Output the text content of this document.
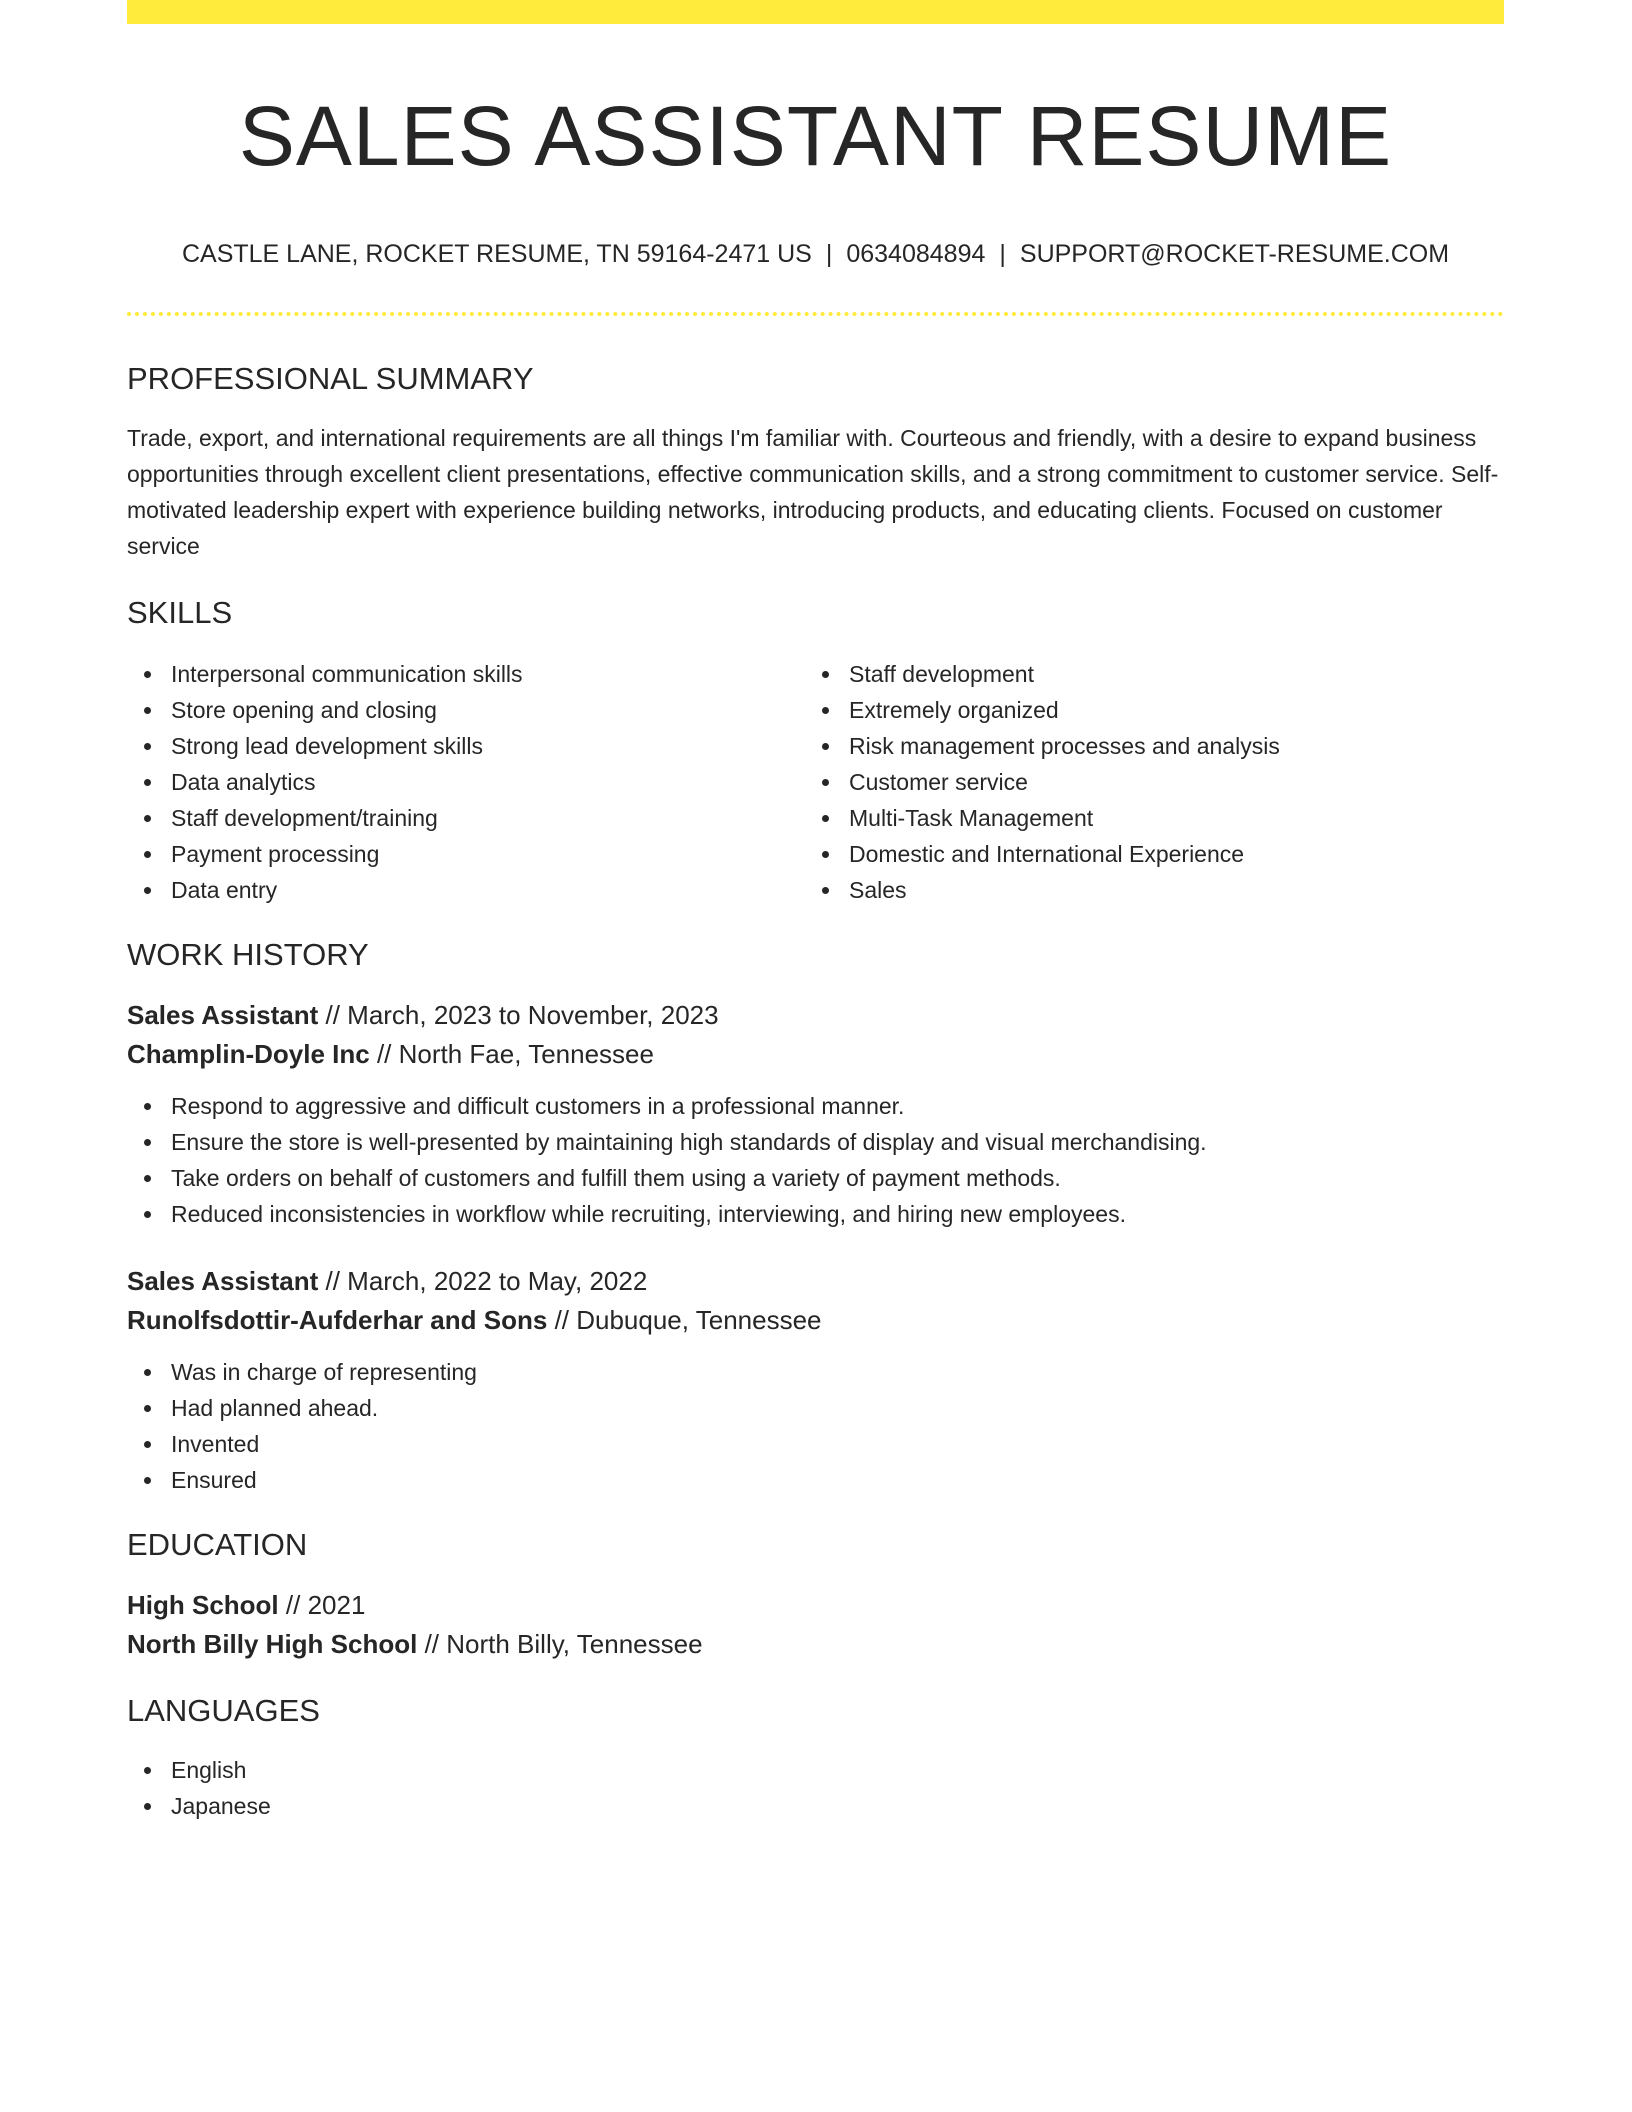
SALES ASSISTANT RESUME
CASTLE LANE, ROCKET RESUME, TN 59164-2471 US | 0634084894 | SUPPORT@ROCKET-RESUME.COM
PROFESSIONAL SUMMARY

Trade, export, and international requirements are all things I'm familiar with. Courteous and friendly, with a desire to expand business opportunities through excellent client presentations, effective communication skills, and a strong commitment to customer service. Self-motivated leadership expert with experience building networks, introducing products, and educating clients. Focused on customer service

SKILLS
Interpersonal communication skills
Store opening and closing
Strong lead development skills
Data analytics
Staff development/training
Payment processing
Data entry
Staff development
Extremely organized
Risk management processes and analysis
Customer service
Multi-Task Management
Domestic and International Experience
Sales
WORK HISTORY
Sales Assistant // March, 2023 to November, 2023
Champlin-Doyle Inc // North Fae, Tennessee
Respond to aggressive and difficult customers in a professional manner.
Ensure the store is well-presented by maintaining high standards of display and visual merchandising.
Take orders on behalf of customers and fulfill them using a variety of payment methods.
Reduced inconsistencies in workflow while recruiting, interviewing, and hiring new employees.
Sales Assistant // March, 2022 to May, 2022
Runolfsdottir-Aufderhar and Sons // Dubuque, Tennessee
Was in charge of representing
Had planned ahead.
Invented
Ensured
EDUCATION
High School // 2021
North Billy High School // North Billy, Tennessee
LANGUAGES
English
Japanese
